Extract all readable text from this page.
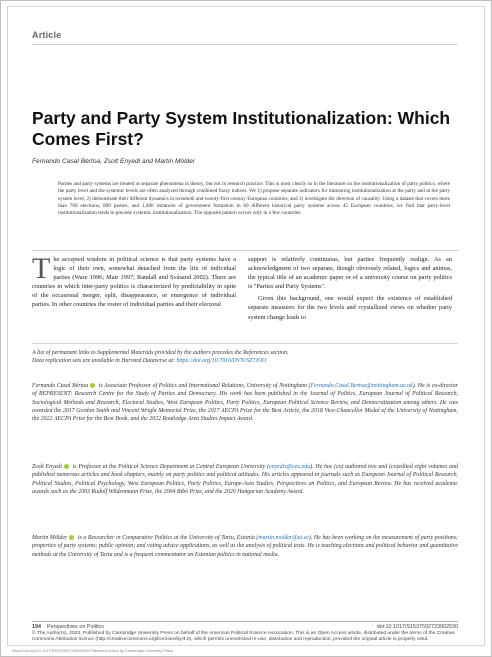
Article
Party and Party System Institutionalization: Which Comes First?
Fernando Casal Bértoa, Zsolt Enyedi and Martin Mölder

Parties and party systems are treated as separate phenomena in theory, but not in research practice. This is most clearly so in the literature on the institutionalization of party politics, where the party level and the systemic levels are often analyzed through combined fuzzy indices. We 1) propose separate indicators for measuring institutionalization at the party and at the party system level, 2) demonstrate their different dynamics in twentieth and twenty-first century European countries, and 3) investigate the direction of causality. Using a dataset that covers more than 700 elections, 800 parties, and 1,400 instances of government formation in 60 different historical party systems across 45 European countries, we find that party-level institutionalization tends to precede systemic institutionalization. The opposite pattern occurs only in a few countries.

The accepted wisdom in political science is that party systems have a logic of their own, somewhat detached from the life of individual parties (Ware 1996; Mair 1997; Randall and Svåsand 2002). There are countries in which inter-party politics is characterized by predictability in spite of the occasional merger, split, disappearance, or emergence of individual parties. In other countries the roster of individual parties and their electoral

support is relatively continuous, but parties frequently realign. As an acknowledgment of two separate, though obviously related, logics and animas, the typical title of an academic paper or of a university course on party politics is "Parties and Party Systems".

Given this background, one would expect the existence of established separate measures for the two levels and crystallized views on whether party system change leads to

A list of permanent links to Supplemental Materials provided by the authors precedes the References section.
Data replication sets are available in Harvard Dataverse at: https://doi.org/10.7910/DVN/SZ7JOO
Fernando Casal Bértoa is Associate Professor of Politics and International Relations, University of Nottingham (Fernando.Casal.Bertoa@nottingham.ac.uk). He is co-director of REPRESENT: Research Centre for the Study of Parties and Democracy. His work has been published in the Journal of Politics, European Journal of Political Research, Sociological Methods and Research, Electoral Studies, West European Politics, Party Politics, European Political Science Review, and Democratization among others. He was awarded the 2017 Gordon Smith and Vincent Wright Memorial Prize, the 2017 AECPA Prize for the Best Article, the 2018 Vice-Chancellor Medal of the University of Nottingham, the 2022 AECPA Prize for the Best Book, and the 2022 Routledge Area Studies Impact Award.
Zsolt Enyedi is Professor at the Political Science Department at Central European University (enyediz@ceu.edu). He has (co) authored two and (co)edited eight volumes and published numerous articles and book chapters, mainly on party politics and political attitudes. His articles appeared in journals such as European Journal of Political Research, Political Studies, Political Psychology, West European Politics, Party Politics, Europe-Asia Studies, Perspectives on Politics, and European Review. He has received academic awards such as the 2003 Rudolf Wildenmann Prize, the 2004 Bibó Prize, and the 2020 Hungarian Academy Award.
Martin Mölder is a Researcher in Comparative Politics at the University of Tartu, Estonia (martin.molder@ut.ee). He has been working on the measurement of party positions; properties of party systems; public opinion; and voting advice applications, as well as the analysis of political texts. He is teaching elections and political behavior and quantitative methods at the University of Tartu and is a frequent commentator on Estonian politics in national media.
194 Perspectives on Politics	doi:10.1017/S1537592723002530

© The Author(s), 2023. Published by Cambridge University Press on behalf of the American Political Science Association. This is an Open Access article, distributed under the terms of the Creative Commons Attribution licence (http://creativecommons.org/licenses/by/4.0), which permits unrestricted re-use, distribution and reproduction, provided the original article is properly cited.

https://doi.org/10.1017/S1537592723002530 Published online by Cambridge University Press
